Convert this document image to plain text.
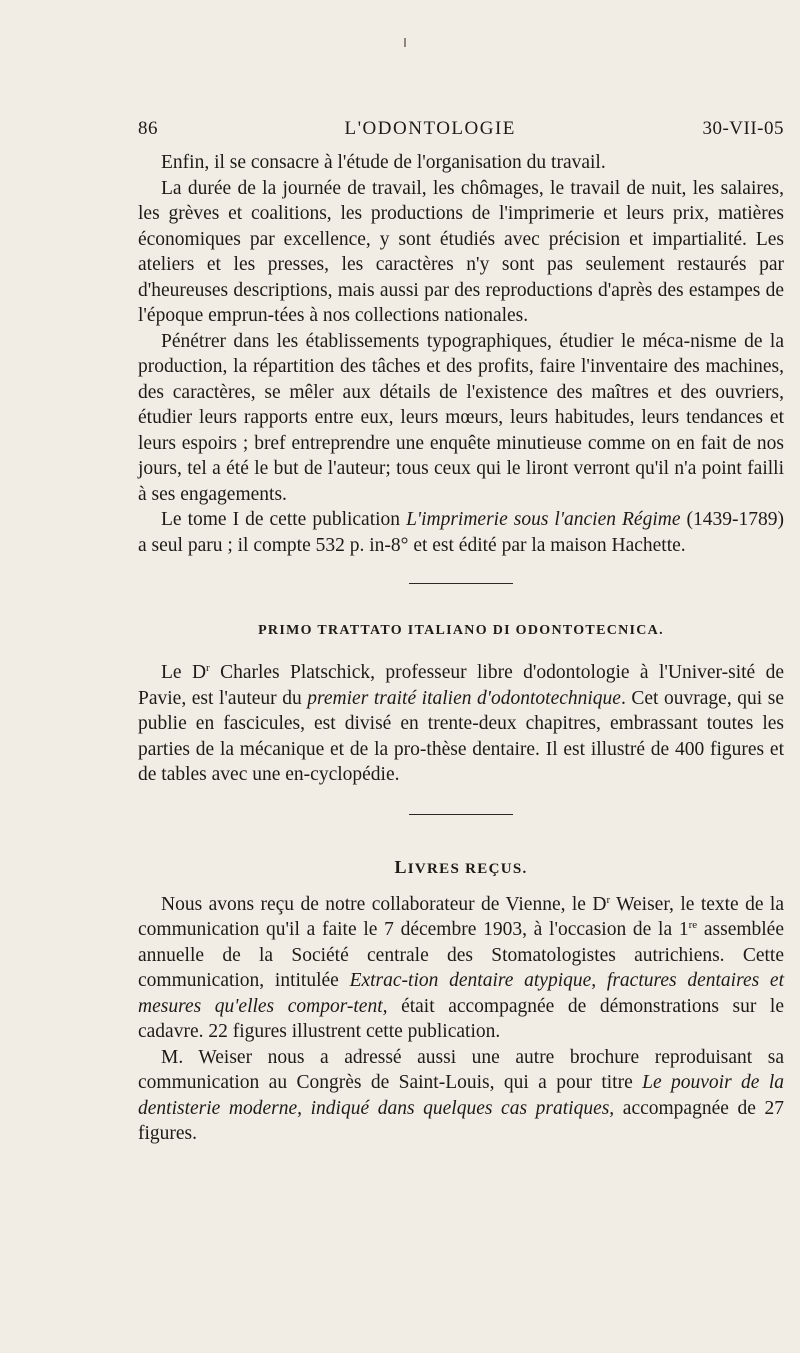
86	L'ODONTOLOGIE	30-VII-05

Enfin, il se consacre à l'étude de l'organisation du travail.

La durée de la journée de travail, les chômages, le travail de nuit, les salaires, les grèves et coalitions, les productions de l'imprimerie et leurs prix, matières économiques par excellence, y sont étudiés avec précision et impartialité. Les ateliers et les presses, les caractères n'y sont pas seulement restaurés par d'heureuses descriptions, mais aussi par des reproductions d'après des estampes de l'époque emprun-tées à nos collections nationales.

Pénétrer dans les établissements typographiques, étudier le méca-nisme de la production, la répartition des tâches et des profits, faire l'inventaire des machines, des caractères, se mêler aux détails de l'existence des maîtres et des ouvriers, étudier leurs rapports entre eux, leurs mœurs, leurs habitudes, leurs tendances et leurs espoirs ; bref entreprendre une enquête minutieuse comme on en fait de nos jours, tel a été le but de l'auteur; tous ceux qui le liront verront qu'il n'a point failli à ses engagements.

Le tome I de cette publication L'imprimerie sous l'ancien Régime (1439-1789) a seul paru ; il compte 532 p. in-8° et est édité par la maison Hachette.

PRIMO TRATTATO ITALIANO DI ODONTOTECNICA.

Le $D^r$ Charles Platschick, professeur libre d'odontologie à l'Univer-sité de Pavie, est l'auteur du premier traité italien d'odontotechnique. Cet ouvrage, qui se publie en fascicules, est divisé en trente-deux chapitres, embrassant toutes les parties de la mécanique et de la pro-thèse dentaire. Il est illustré de 400 figures et de tables avec une en-cyclopédie.

LIVRES REÇUS.

Nous avons reçu de notre collaborateur de Vienne, le $D^r$ Weiser, le texte de la communication qu'il a faite le 7 décembre 1903, à l'occasion de la 1re assemblée annuelle de la Société centrale des Stomatologistes autrichiens. Cette communication, intitulée Extrac-tion dentaire atypique, fractures dentaires et mesures qu'elles compor-tent, était accompagnée de démonstrations sur le cadavre. 22 figures illustrent cette publication.

M. Weiser nous a adressé aussi une autre brochure reproduisant sa communication au Congrès de Saint-Louis, qui a pour titre Le pouvoir de la dentisterie moderne, indiqué dans quelques cas pratiques, accompagnée de 27 figures.
